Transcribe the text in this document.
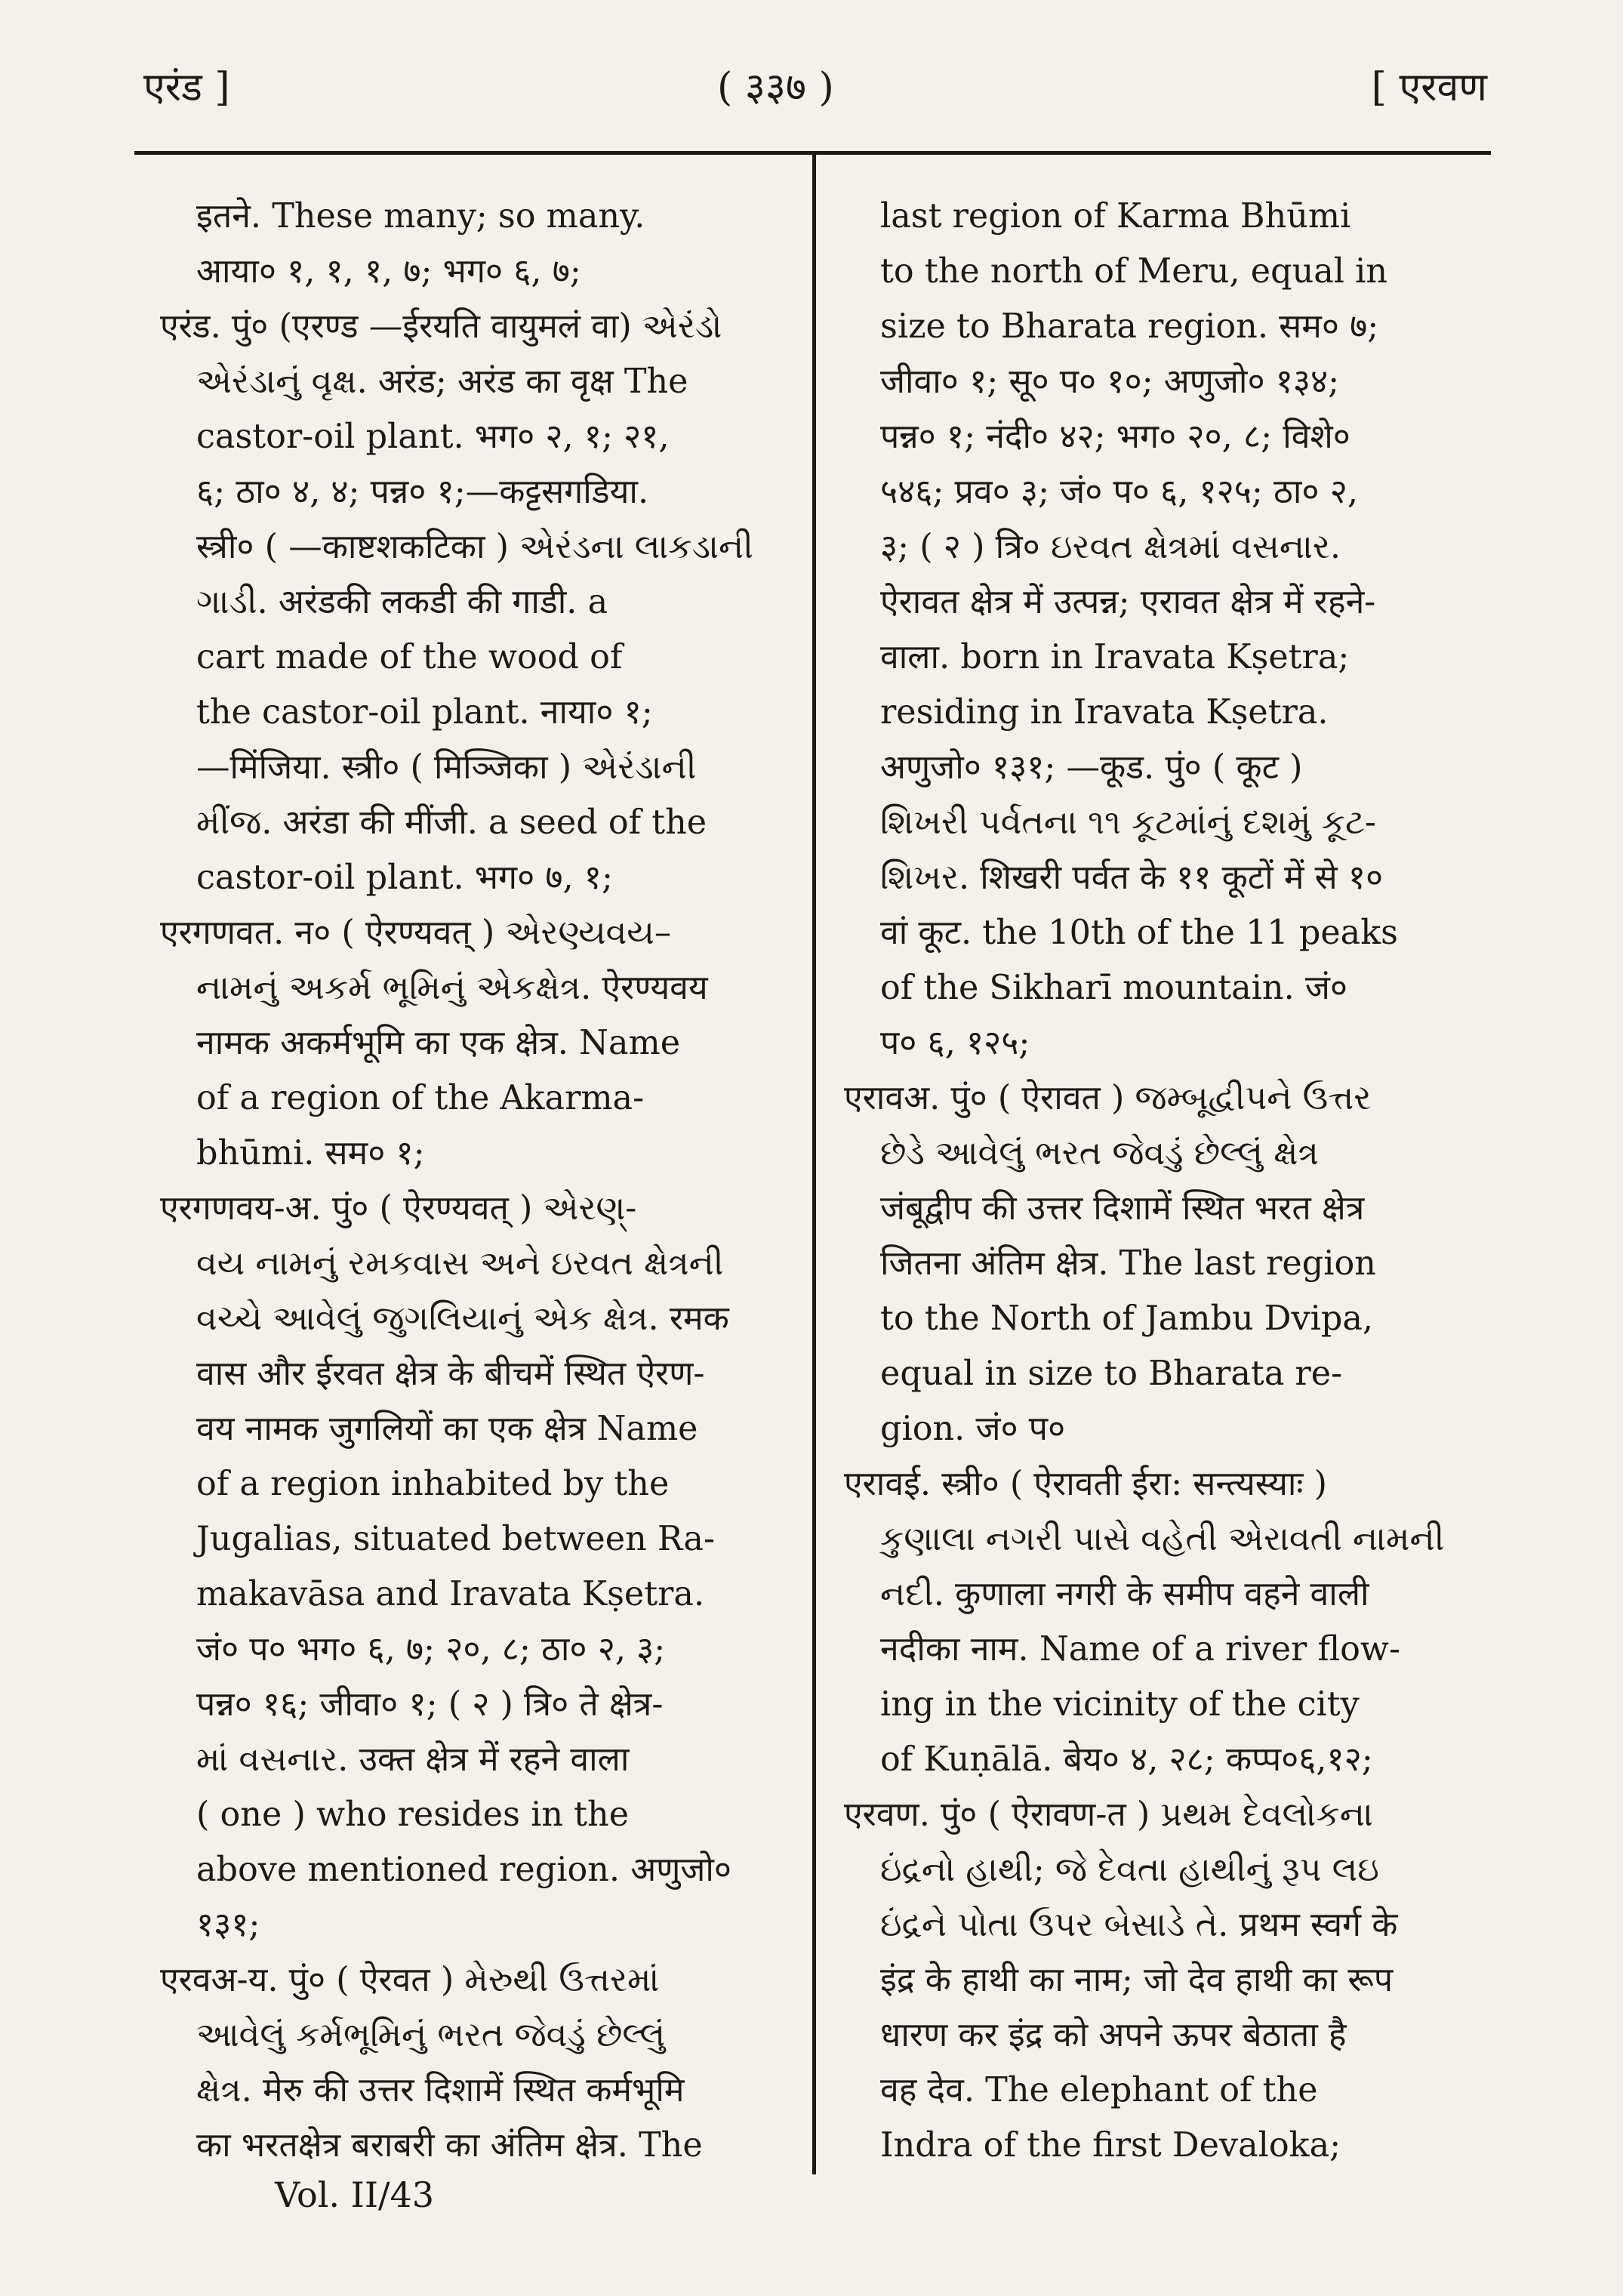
एरंड ]	( ३३७ )	[ एरवण
इतने. These many; so many.
आया० १, १, १, ७; भग० ६, ७;
एरंड. पुं० (एरण्ड —ईरयति वायुमलं वा) એરંડો
એરંડાનું વૃક્ષ. अरंड; अरंड का वृक्ष The
castor-oil plant. भग० २, १; २१,
६; ठा० ४, ४; पन्न० १;—कट्टसगडिया.
स्त्री० ( —काष्टशकटिका ) એરંડના લાકડાની
ગાડી. अरंडकी लकडी की गाडी. a
cart made of the wood of
the castor-oil plant. नाया० १;
—मिंजिया. स्त्री० ( मिञ्जिका ) એરંડાની
મીંજ. अरंडा की मींजी. a seed of the
castor-oil plant. भग० ७, १;
एरगणवत. न० ( ऐरण्यवत् ) એરણ્યવય–
નામનું અકર્મ ભૂમિનું એકક્ષેત્ર. ऐरण्यवय
नामक अकर्मभूमि का एक क्षेत्र. Name
of a region of the Akarma-
bhūmi. सम० १;
एरगणवय-अ. पुं० ( ऐरण्यवत् ) એરણ્-
વય નામનું રમકવાસ અને ઇરવત ક્ષેત્રની
વચ્ચે આવેલું જુગલિયાનું એક ક્ષેત્ર. रमक
वास और ईरवत क्षेत्र के बीचमें स्थित ऐरण-
वय नामक जुगलियों का एक क्षेत्र Name
of a region inhabited by the
Jugalias, situated between Ra-
makavāsa and Iravata Kṣetra.
जं० प० भग० ६, ७; २०, ८; ठा० २, ३;
पन्न० १६; जीवा० १; ( २ ) त्रि० ते क्षेत्र-
માં વસનાર. उक्त क्षेत्र में रहने वाला
( one ) who resides in the
above mentioned region. अणुजो०
१३१;
एरवअ-य. पुं० ( ऐरवत ) મેરુથી ઉત્તરમાં
આવેલું કર્મભૂમિનું ભરત જેવડું છેલ્લું
ક્ષેત્ર. मेरु की उत्तर दिशामें स्थित कर्मभूमि
का भरतक्षेत्र बराबरी का अंतिम क्षेत्र. The
last region of Karma Bhūmi
to the north of Meru, equal in
size to Bharata region. सम० ७;
जीवा० १; सू० प० १०; अणुजो० १३४;
पन्न० १; नंदी० ४२; भग० २०, ८; विशे०
५४६; प्रव० ३; जं० प० ६, १२५; ठा० २,
३; ( २ ) त्रि० ઇરવત ક્ષેત્રમાં વસનાર.
ऐरावत क्षेत्र में उत्पन्न; एरावत क्षेत्र में रहने-
वाला. born in Iravata Kṣetra;
residing in Iravata Kṣetra.
अणुजो० १३१; —कूड. पुं० ( कूट )
શિખરી પર્વતના ૧૧ કૂટમાંનું દશમું કૂટ-
શિખર. शिखरी पर्वत के ११ कूटों में से १०
वां कूट. the 10th of the 11 peaks
of the Sikharī mountain. जं०
प० ६, १२५;
एरावअ. पुं० ( ऐरावत ) જમ્બૂદ્વીપને ઉત્તર
છેડે આવેલું ભરત જેવડું છેલ્લું ક્ષેત્ર
जंबूद्वीप की उत्तर दिशामें स्थित भरत क्षेत्र
जितना अंतिम क्षेत्र. The last region
to the North of Jambu Dvipa,
equal in size to Bharata re-
gion. जं० प०
एरावई. स्त्री० ( ऐरावती ईरा: सन्त्यस्याः )
કુણાલા નગરી પાસે વહેતી એરાવતી નામની
નદી. कुणाला नगरी के समीप वहने वाली
नदीका नाम. Name of a river flow-
ing in the vicinity of the city
of Kuṇālā. बेय० ४, २८; कप्प०६,१२;
एरवण. पुं० ( ऐरावण-त ) પ્રથમ દેવલોકના
ઇંદ્રનો હાથી; જે દેવતા હાથીનું રૂપ લઇ
ઇંદ્રને પોતા ઉપર બેસાડે તે. प्रथम स्वर्ग के
इंद्र के हाथी का नाम; जो देव हाथी का रूप
धारण कर इंद्र को अपने ऊपर बेठाता है
वह देव. The elephant of the
Indra of the first Devaloka;
Vol. II/43
